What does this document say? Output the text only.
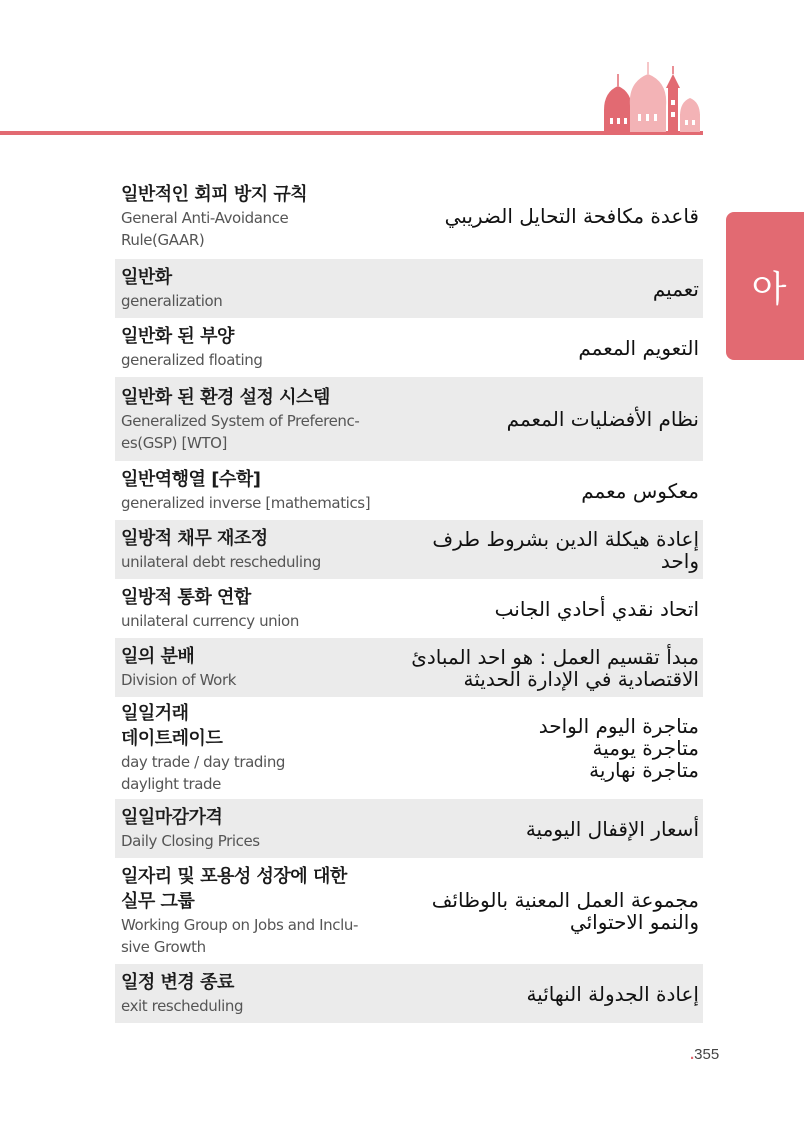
아
일반적인 회피 방지 규칙
General Anti-Avoidance
Rule(GAAR)
قاعدة مكافحة التحايل الضريبي
일반화
generalization
تعميم
일반화 된 부양
generalized floating
التعويم المعمم
일반화 된 환경 설정 시스템
Generalized System of Preferenc-
es(GSP) [WTO]
نظام الأفضليات المعمم
일반역행열 [수학]
generalized inverse [mathematics]
معكوس معمم
일방적 채무 재조정
unilateral debt rescheduling
إعادة هيكلة الدين بشروط طرف
واحد
일방적 통화 연합
unilateral currency union
اتحاد نقدي أحادي الجانب
일의 분배
Division of Work
مبدأ تقسيم العمل : هو احد المبادئ
الاقتصادية في الإدارة الحديثة
일일거래
데이트레이드
day trade / day trading
daylight trade
متاجرة اليوم الواحد
متاجرة يومية
متاجرة نهارية
일일마감가격
Daily Closing Prices
أسعار الإقفال اليومية
일자리 및 포용성 성장에 대한
실무 그룹
Working Group on Jobs and Inclu-
sive Growth
مجموعة العمل المعنية بالوظائف
والنمو الاحتوائي
일정 변경 종료
exit rescheduling
إعادة الجدولة النهائية
.355
